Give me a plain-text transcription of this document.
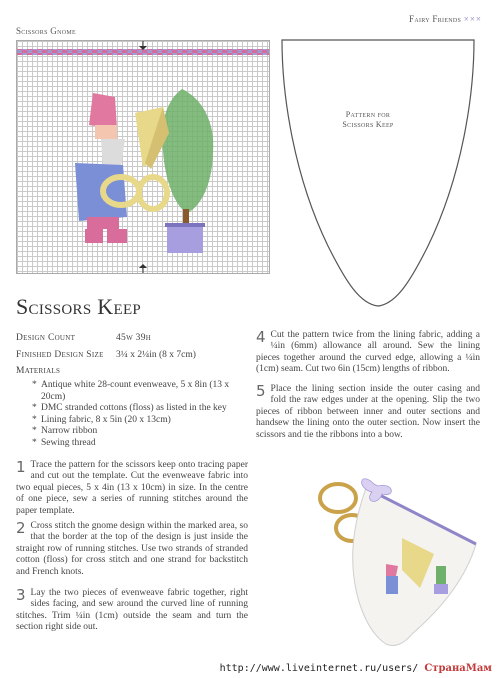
Fairy Friends ×××
Scissors Gnome
Pattern for
Scissors Keep
Scissors Keep
Design Count	45w 39h
Finished Design Size 3¼ x 2¼in (8 x 7cm)
Materials
* Antique white 28-count evenweave, 5 x 8in (13 x 20cm)
* DMC stranded cottons (floss) as listed in the key
* Lining fabric, 8 x 5in (20 x 13cm)
* Narrow ribbon
* Sewing thread
1 Trace the pattern for the scissors keep onto tracing paper and cut out the template. Cut the evenweave fabric into two equal pieces, 5 x 4in (13 x 10cm) in size. In the centre of one piece, sew a series of running stitches around the paper template.
2 Cross stitch the gnome design within the marked area, so that the border at the top of the design is just inside the straight row of running stitches. Use two strands of stranded cotton (floss) for cross stitch and one strand for backstitch and French knots.
3 Lay the two pieces of evenweave fabric together, right sides facing, and sew around the curved line of running stitches. Trim ¼in (1cm) outside the seam and turn the section right side out.
4 Cut the pattern twice from the lining fabric, adding a ¼in (6mm) allowance all around. Sew the lining pieces together around the curved edge, allowing a ¼in (1cm) seam. Cut two 6in (15cm) lengths of ribbon.
5 Place the lining section inside the outer casing and fold the raw edges under at the opening. Slip the two pieces of ribbon between inner and outer sections and handsew the lining onto the outer section. Now insert the scissors and tie the ribbons into a bow.
http://www.liveinternet.ru/users/ СтранаМам
